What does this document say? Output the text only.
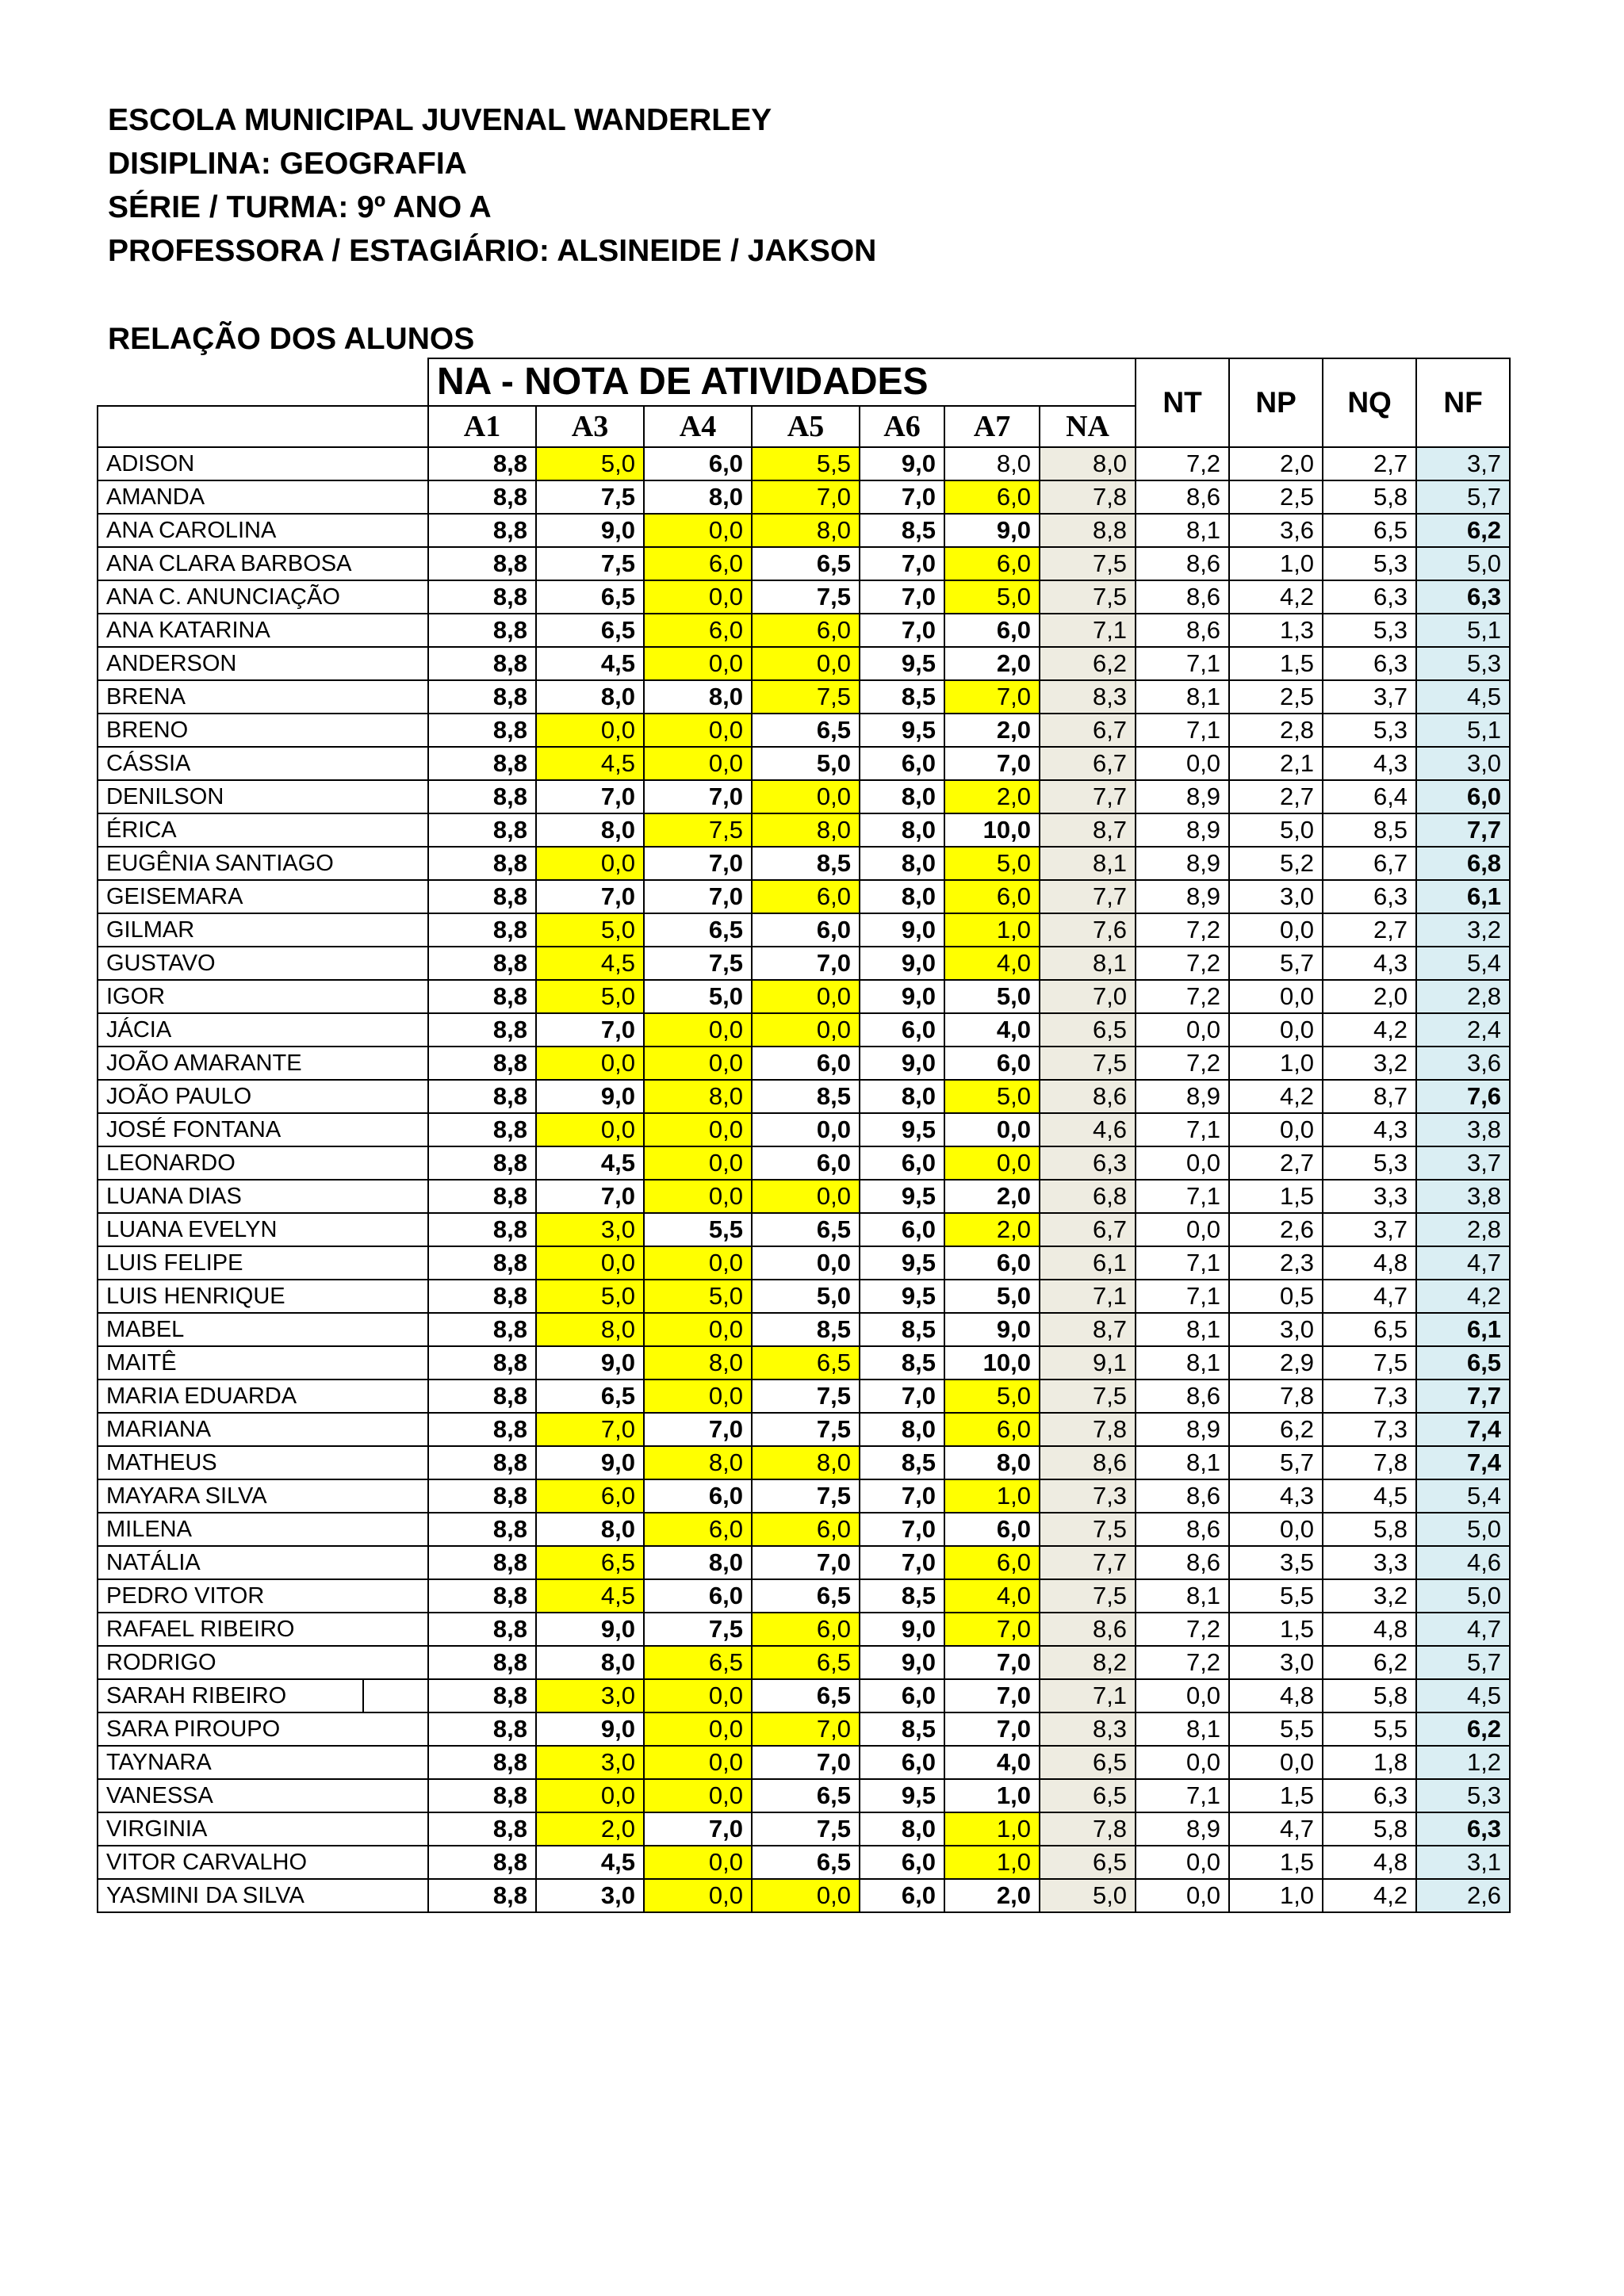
ESCOLA MUNICIPAL JUVENAL WANDERLEY

DISIPLINA: GEOGRAFIA

SÉRIE / TURMA: 9º ANO A

PROFESSORA / ESTAGIÁRIO: ALSINEIDE / JAKSON

RELAÇÃO DOS ALUNOS

	NA - NOTA DE ATIVIDADES							NT	NP	NQ	NF
	A1	A3	A4	A5	A6	A7	NA				
ADISON	8,8	5,0	6,0	5,5	9,0	8,0	8,0	7,2	2,0	2,7	3,7
AMANDA	8,8	7,5	8,0	7,0	7,0	6,0	7,8	8,6	2,5	5,8	5,7
ANA CAROLINA	8,8	9,0	0,0	8,0	8,5	9,0	8,8	8,1	3,6	6,5	6,2
ANA CLARA BARBOSA	8,8	7,5	6,0	6,5	7,0	6,0	7,5	8,6	1,0	5,3	5,0
ANA C. ANUNCIAÇÃO	8,8	6,5	0,0	7,5	7,0	5,0	7,5	8,6	4,2	6,3	6,3
ANA KATARINA	8,8	6,5	6,0	6,0	7,0	6,0	7,1	8,6	1,3	5,3	5,1
ANDERSON	8,8	4,5	0,0	0,0	9,5	2,0	6,2	7,1	1,5	6,3	5,3
BRENA	8,8	8,0	8,0	7,5	8,5	7,0	8,3	8,1	2,5	3,7	4,5
BRENO	8,8	0,0	0,0	6,5	9,5	2,0	6,7	7,1	2,8	5,3	5,1
CÁSSIA	8,8	4,5	0,0	5,0	6,0	7,0	6,7	0,0	2,1	4,3	3,0
DENILSON	8,8	7,0	7,0	0,0	8,0	2,0	7,7	8,9	2,7	6,4	6,0
ÉRICA	8,8	8,0	7,5	8,0	8,0	10,0	8,7	8,9	5,0	8,5	7,7
EUGÊNIA SANTIAGO	8,8	0,0	7,0	8,5	8,0	5,0	8,1	8,9	5,2	6,7	6,8
GEISEMARA	8,8	7,0	7,0	6,0	8,0	6,0	7,7	8,9	3,0	6,3	6,1
GILMAR	8,8	5,0	6,5	6,0	9,0	1,0	7,6	7,2	0,0	2,7	3,2
GUSTAVO	8,8	4,5	7,5	7,0	9,0	4,0	8,1	7,2	5,7	4,3	5,4
IGOR	8,8	5,0	5,0	0,0	9,0	5,0	7,0	7,2	0,0	2,0	2,8
JÁCIA	8,8	7,0	0,0	0,0	6,0	4,0	6,5	0,0	0,0	4,2	2,4
JOÃO AMARANTE	8,8	0,0	0,0	6,0	9,0	6,0	7,5	7,2	1,0	3,2	3,6
JOÃO PAULO	8,8	9,0	8,0	8,5	8,0	5,0	8,6	8,9	4,2	8,7	7,6
JOSÉ FONTANA	8,8	0,0	0,0	0,0	9,5	0,0	4,6	7,1	0,0	4,3	3,8
LEONARDO	8,8	4,5	0,0	6,0	6,0	0,0	6,3	0,0	2,7	5,3	3,7
LUANA DIAS	8,8	7,0	0,0	0,0	9,5	2,0	6,8	7,1	1,5	3,3	3,8
LUANA EVELYN	8,8	3,0	5,5	6,5	6,0	2,0	6,7	0,0	2,6	3,7	2,8
LUIS FELIPE	8,8	0,0	0,0	0,0	9,5	6,0	6,1	7,1	2,3	4,8	4,7
LUIS HENRIQUE	8,8	5,0	5,0	5,0	9,5	5,0	7,1	7,1	0,5	4,7	4,2
MABEL	8,8	8,0	0,0	8,5	8,5	9,0	8,7	8,1	3,0	6,5	6,1
MAITÊ	8,8	9,0	8,0	6,5	8,5	10,0	9,1	8,1	2,9	7,5	6,5
MARIA EDUARDA	8,8	6,5	0,0	7,5	7,0	5,0	7,5	8,6	7,8	7,3	7,7
MARIANA	8,8	7,0	7,0	7,5	8,0	6,0	7,8	8,9	6,2	7,3	7,4
MATHEUS	8,8	9,0	8,0	8,0	8,5	8,0	8,6	8,1	5,7	7,8	7,4
MAYARA SILVA	8,8	6,0	6,0	7,5	7,0	1,0	7,3	8,6	4,3	4,5	5,4
MILENA	8,8	8,0	6,0	6,0	7,0	6,0	7,5	8,6	0,0	5,8	5,0
NATÁLIA	8,8	6,5	8,0	7,0	7,0	6,0	7,7	8,6	3,5	3,3	4,6
PEDRO VITOR	8,8	4,5	6,0	6,5	8,5	4,0	7,5	8,1	5,5	3,2	5,0
RAFAEL RIBEIRO	8,8	9,0	7,5	6,0	9,0	7,0	8,6	7,2	1,5	4,8	4,7
RODRIGO	8,8	8,0	6,5	6,5	9,0	7,0	8,2	7,2	3,0	6,2	5,7

SARAH RIBEIRO	8,8	3,0	0,0	6,5	6,0	7,0	7,1	0,0	4,8	5,8	4,5
SARA PIROUPO	8,8	9,0	0,0	7,0	8,5	7,0	8,3	8,1	5,5	5,5	6,2
TAYNARA	8,8	3,0	0,0	7,0	6,0	4,0	6,5	0,0	0,0	1,8	1,2
VANESSA	8,8	0,0	0,0	6,5	9,5	1,0	6,5	7,1	1,5	6,3	5,3
VIRGINIA	8,8	2,0	7,0	7,5	8,0	1,0	7,8	8,9	4,7	5,8	6,3
VITOR CARVALHO	8,8	4,5	0,0	6,5	6,0	1,0	6,5	0,0	1,5	4,8	3,1
YASMINI DA SILVA	8,8	3,0	0,0	0,0	6,0	2,0	5,0	0,0	1,0	4,2	2,6
